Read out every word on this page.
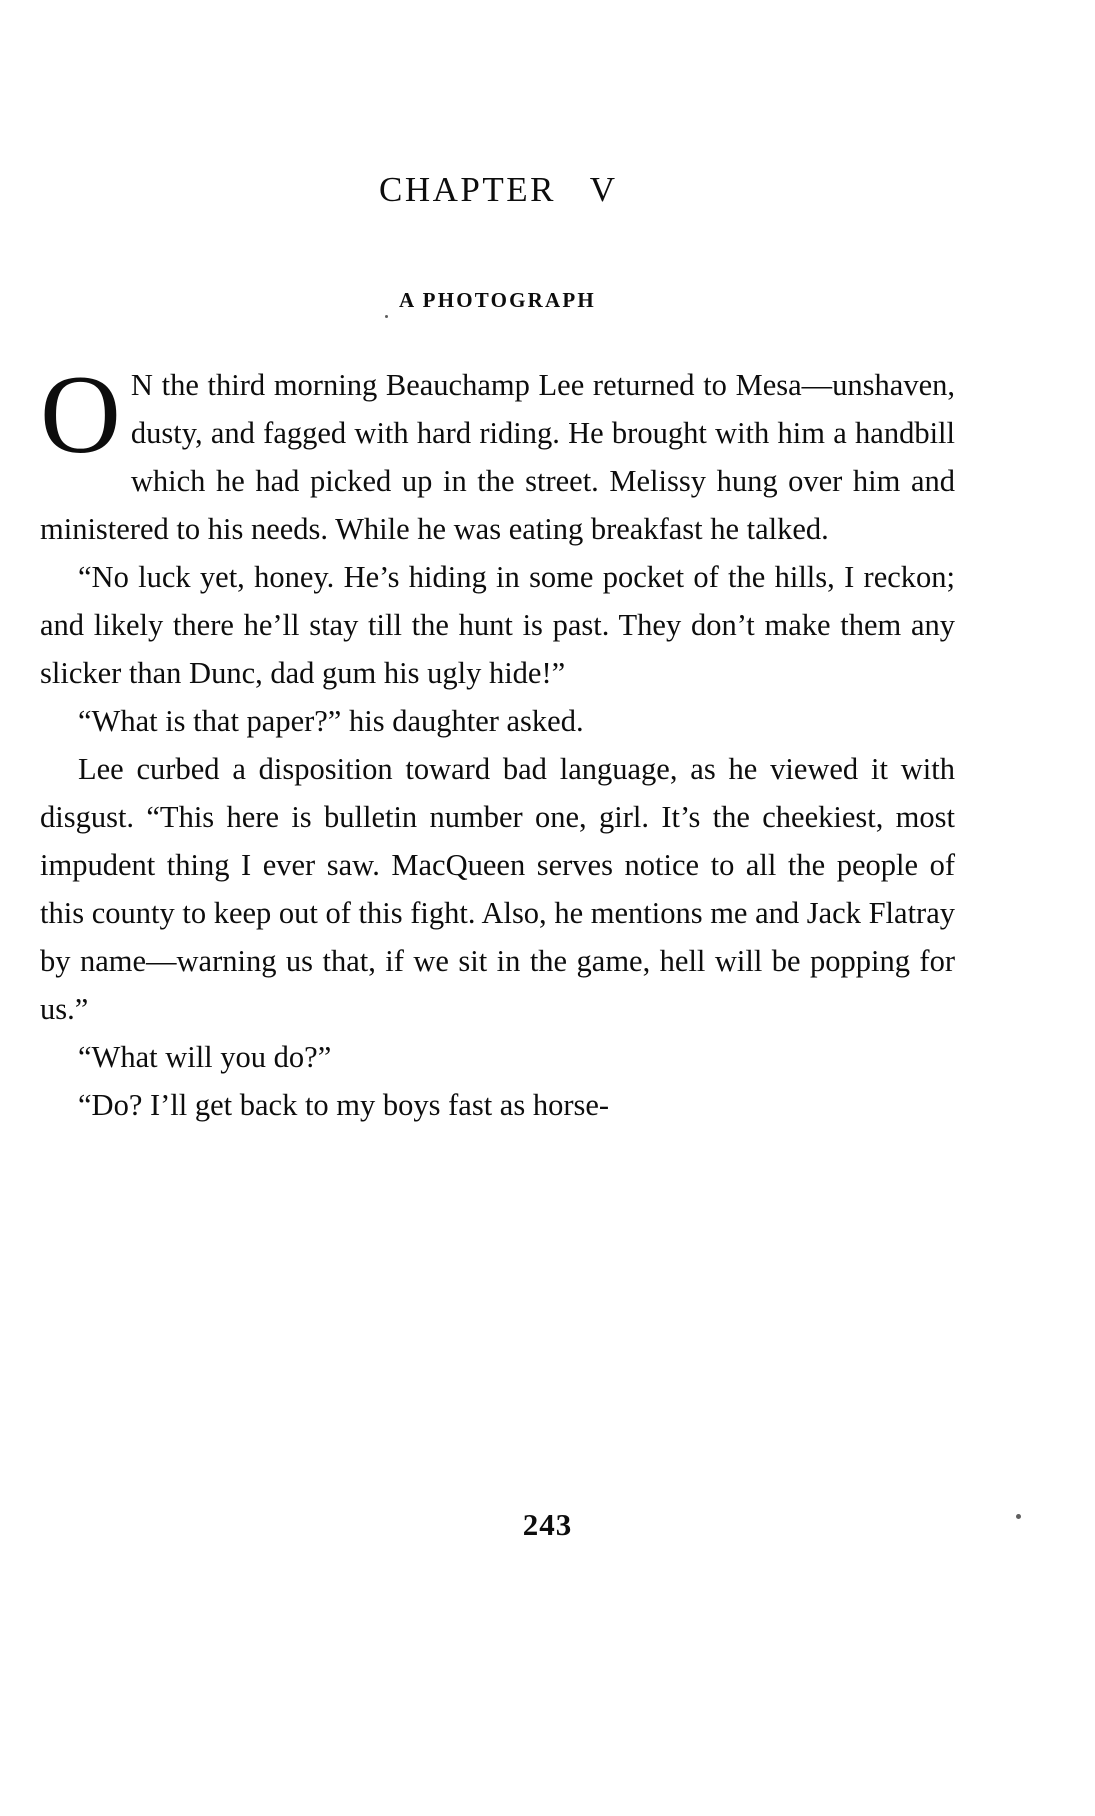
CHAPTER V
A PHOTOGRAPH

O N the third morning Beauchamp Lee returned to Mesa—unshaven, dusty, and fagged with hard riding. He brought with him a handbill which he had picked up in the street. Melissy hung over him and ministered to his needs. While he was eating breakfast he talked.

“No luck yet, honey. He’s hiding in some pocket of the hills, I reckon; and likely there he’ll stay till the hunt is past. They don’t make them any slicker than Dunc, dad gum his ugly hide!”

“What is that paper?” his daughter asked.

Lee curbed a disposition toward bad language, as he viewed it with disgust. “This here is bulletin number one, girl. It’s the cheekiest, most impudent thing I ever saw. MacQueen serves notice to all the people of this county to keep out of this fight. Also, he mentions me and Jack Flatray by name—warning us that, if we sit in the game, hell will be popping for us.”

“What will you do?”

“Do? I’ll get back to my boys fast as horse-

243
